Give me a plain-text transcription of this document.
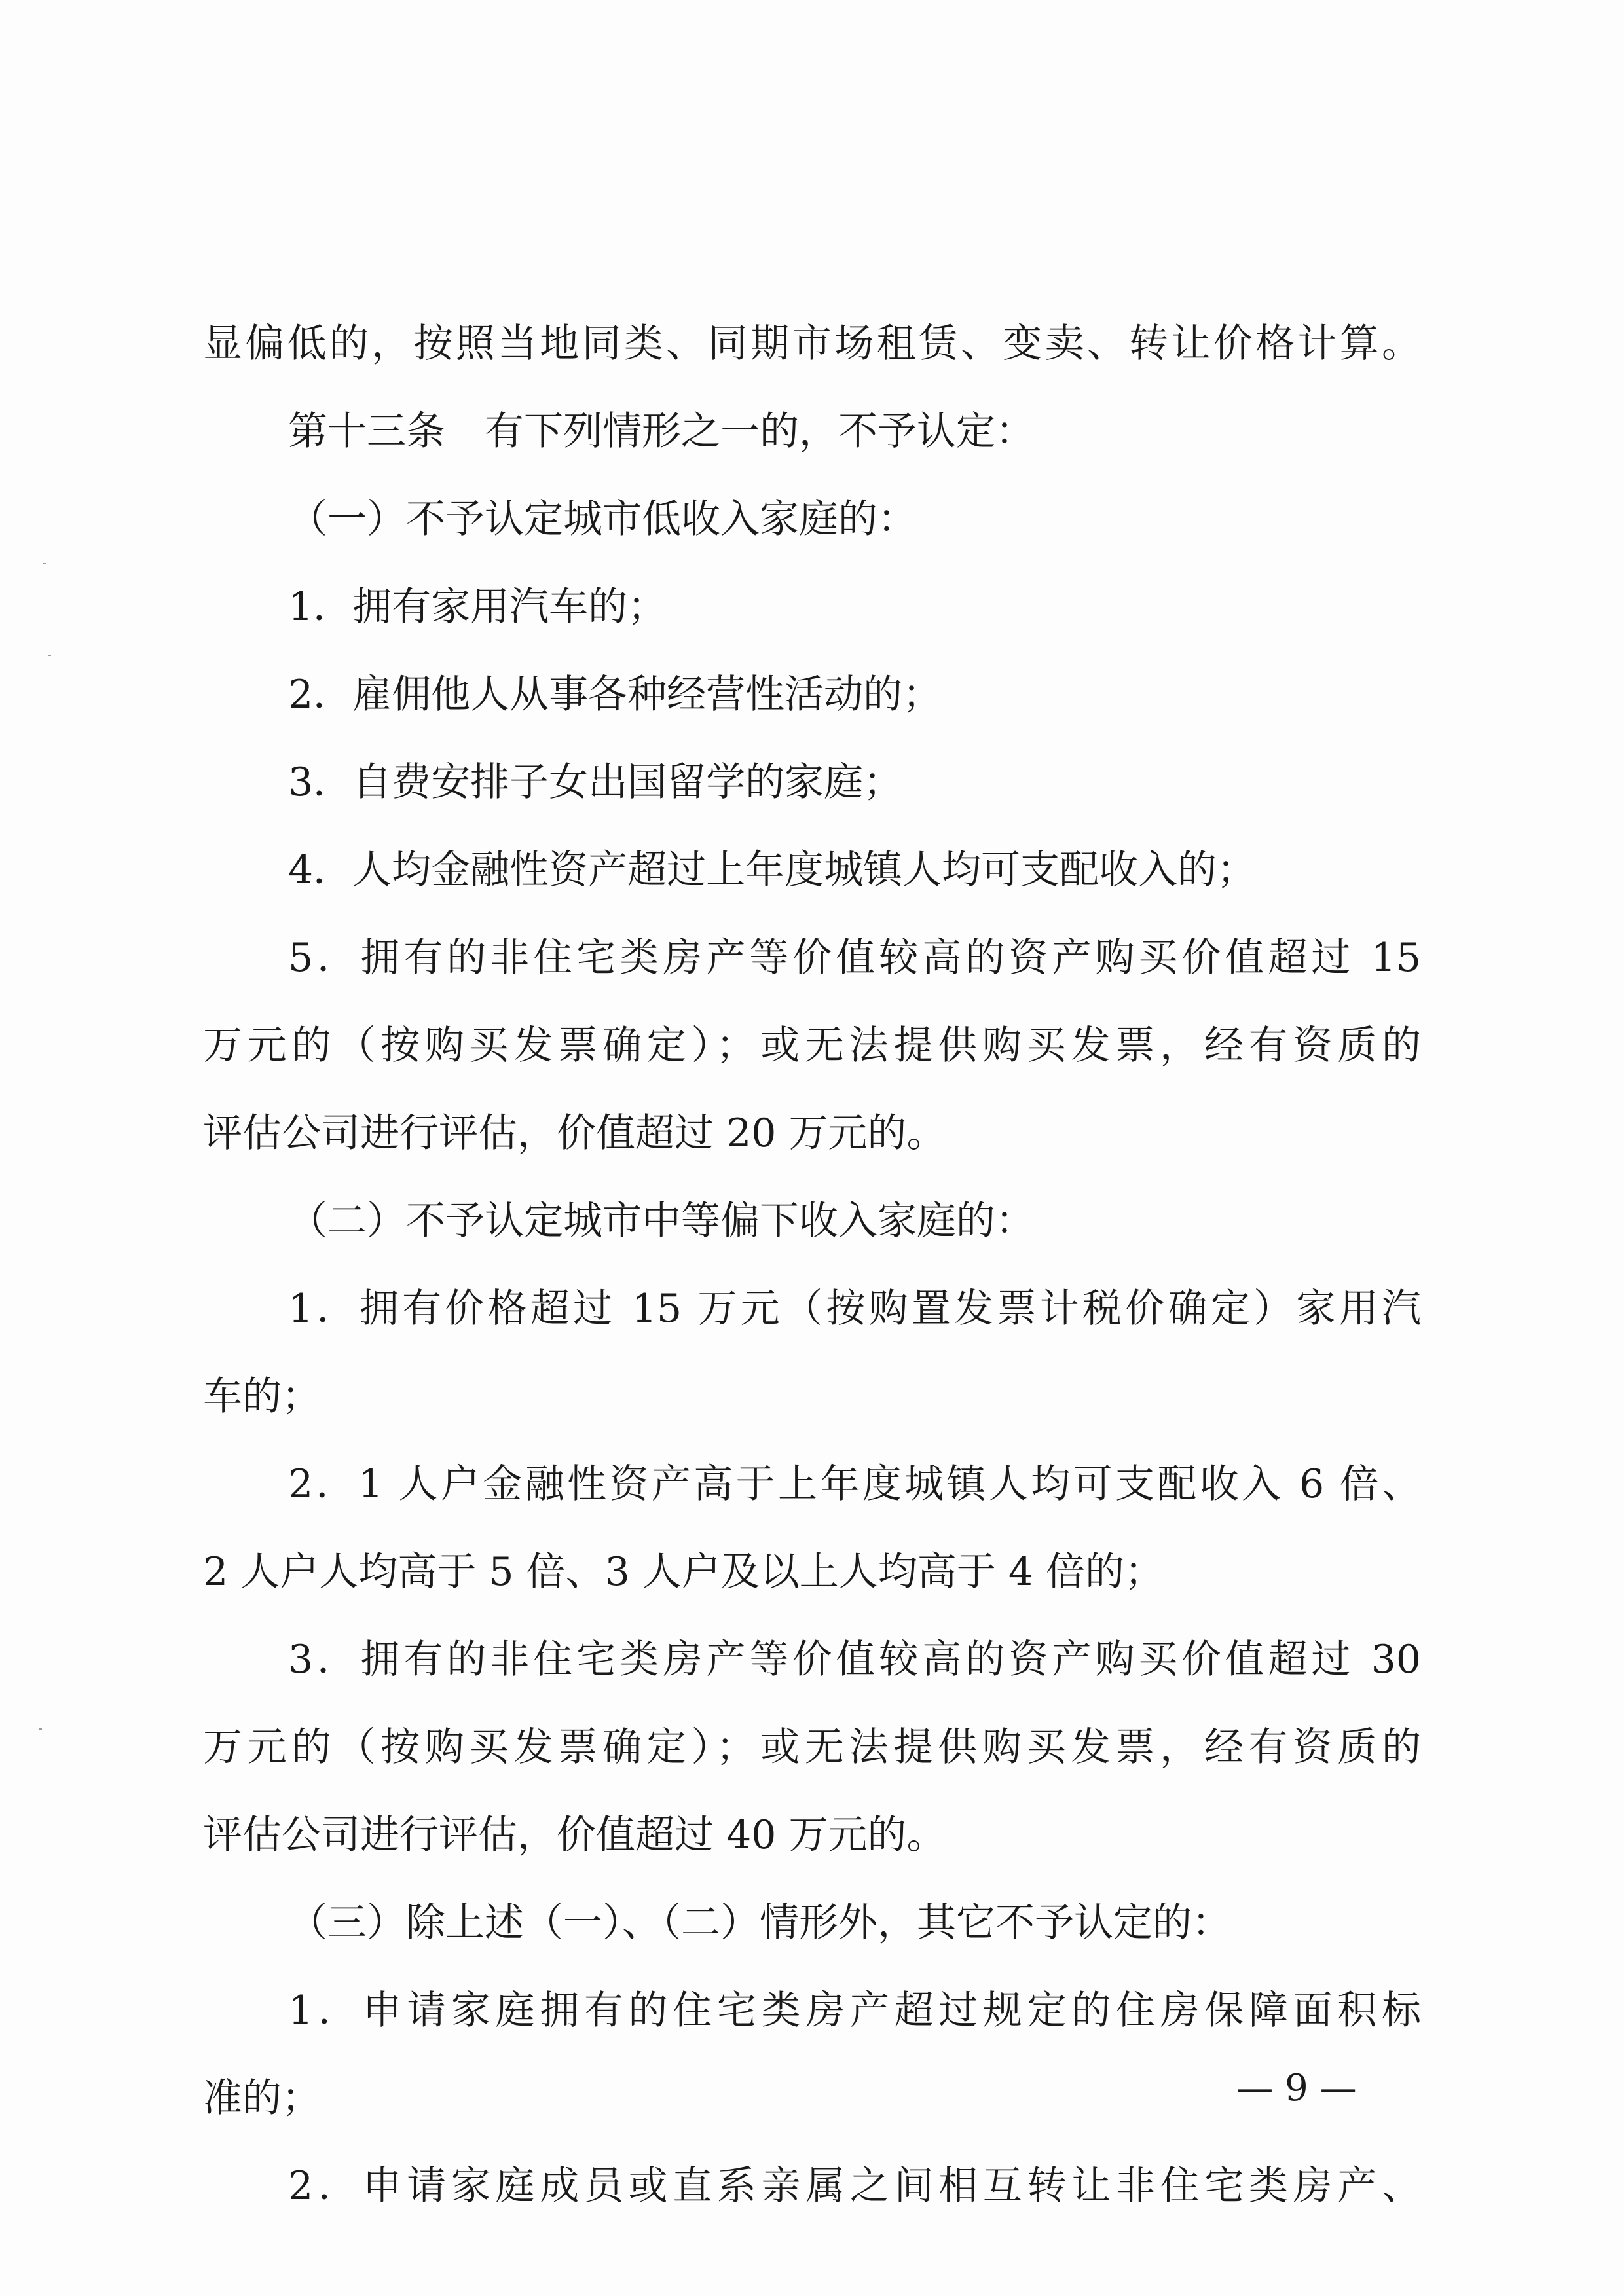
显偏低的，按照当地同类、同期市场租赁、变卖、转让价格计算。
第十三条　有下列情形之一的，不予认定：
（一）不予认定城市低收入家庭的：
1．拥有家用汽车的；
2．雇佣他人从事各种经营性活动的；
3．自费安排子女出国留学的家庭；
4．人均金融性资产超过上年度城镇人均可支配收入的；
5．拥有的非住宅类房产等价值较高的资产购买价值超过 15
万元的（按购买发票确定）；或无法提供购买发票，经有资质的
评估公司进行评估，价值超过 20 万元的。
（二）不予认定城市中等偏下收入家庭的：
1．拥有价格超过 15 万元（按购置发票计税价确定）家用汽
车的；
2．1 人户金融性资产高于上年度城镇人均可支配收入 6 倍、
2 人户人均高于 5 倍、3 人户及以上人均高于 4 倍的；
3．拥有的非住宅类房产等价值较高的资产购买价值超过 30
万元的（按购买发票确定）；或无法提供购买发票，经有资质的
评估公司进行评估，价值超过 40 万元的。
（三）除上述（一）、（二）情形外，其它不予认定的：
1．申请家庭拥有的住宅类房产超过规定的住房保障面积标
准的；
2．申请家庭成员或直系亲属之间相互转让非住宅类房产、
— 9 —
